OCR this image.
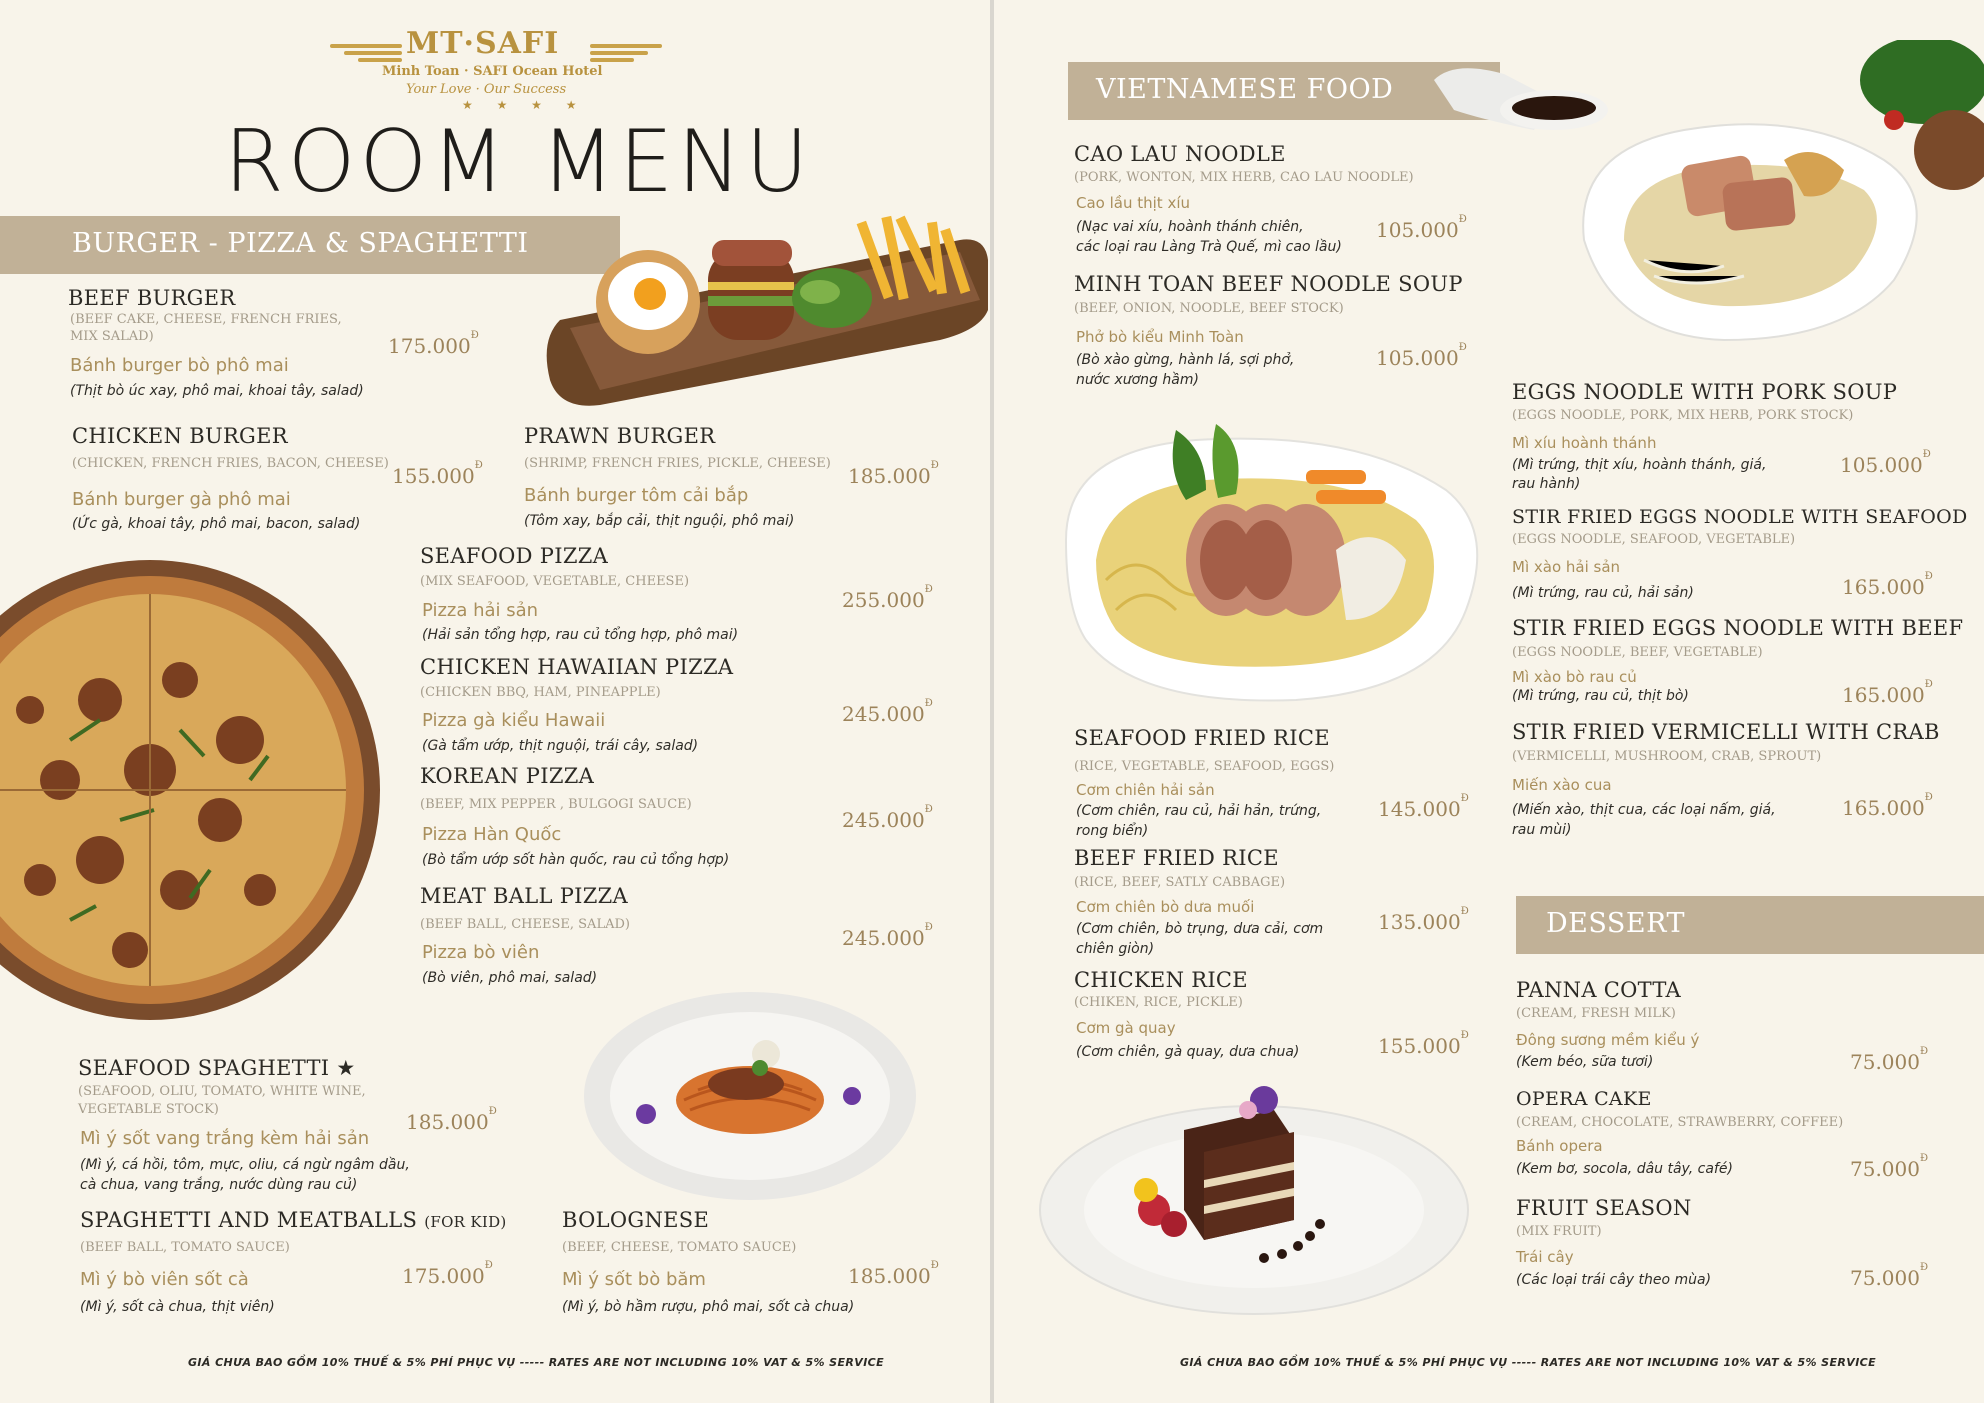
MT·SAFI
Minh Toan · SAFI Ocean Hotel
Your Love · Our Success
★ ★ ★ ★
ROOM MENU
BURGER - PIZZA & SPAGHETTI
BEEF BURGER
(BEEF CAKE, CHEESE, FRENCH FRIES,
MIX SALAD)
Bánh burger bò phô mai
(Thịt bò úc xay, phô mai, khoai tây, salad)
$175.000^Đ$
CHICKEN BURGER
(CHICKEN, FRENCH FRIES, BACON, CHEESE)
Bánh burger gà phô mai
(Ức gà, khoai tây, phô mai, bacon, salad)
$155.000^Đ$
PRAWN BURGER
(SHRIMP, FRENCH FRIES, PICKLE, CHEESE)
Bánh burger tôm cải bắp
(Tôm xay, bắp cải, thịt nguội, phô mai)
$185.000^Đ$
SEAFOOD PIZZA
(MIX SEAFOOD, VEGETABLE, CHEESE)
Pizza hải sản
(Hải sản tổng hợp, rau củ tổng hợp, phô mai)
$255.000^Đ$
CHICKEN HAWAIIAN PIZZA
(CHICKEN BBQ, HAM, PINEAPPLE)
Pizza gà kiểu Hawaii
(Gà tẩm ướp, thịt nguội, trái cây, salad)
$245.000^Đ$
KOREAN PIZZA
(BEEF, MIX PEPPER , BULGOGI SAUCE)
Pizza Hàn Quốc
(Bò tẩm ướp sốt hàn quốc, rau củ tổng hợp)
$245.000^Đ$
MEAT BALL PIZZA
(BEEF BALL, CHEESE, SALAD)
Pizza bò viên
(Bò viên, phô mai, salad)
$245.000^Đ$
SEAFOOD SPAGHETTI ★
(SEAFOOD, OLIU, TOMATO, WHITE WINE,
VEGETABLE STOCK)
Mì ý sốt vang trắng kèm hải sản
(Mì ý, cá hồi, tôm, mực, oliu, cá ngừ ngâm dầu,
cà chua, vang trắng, nước dùng rau củ)
$185.000^Đ$
SPAGHETTI AND MEATBALLS (FOR KID)
(BEEF BALL, TOMATO SAUCE)
Mì ý bò viên sốt cà
(Mì ý, sốt cà chua, thịt viên)
$175.000^Đ$
BOLOGNESE
(BEEF, CHEESE, TOMATO SAUCE)
Mì ý sốt bò băm
(Mì ý, bò hầm rượu, phô mai, sốt cà chua)
$185.000^Đ$
GIÁ CHƯA BAO GỒM 10% THUẾ & 5% PHÍ PHỤC VỤ ----- RATES ARE NOT INCLUDING 10% VAT & 5% SERVICE
VIETNAMESE FOOD
CAO LAU NOODLE
(PORK, WONTON, MIX HERB, CAO LAU NOODLE)
Cao lầu thịt xíu
(Nạc vai xíu, hoành thánh chiên,
các loại rau Làng Trà Quế, mì cao lầu)
$105.000^Đ$
MINH TOAN BEEF NOODLE SOUP
(BEEF, ONION, NOODLE, BEEF STOCK)
Phở bò kiểu Minh Toàn
(Bò xào gừng, hành lá, sợi phở,
nước xương hầm)
$105.000^Đ$
EGGS NOODLE WITH PORK SOUP
(EGGS NOODLE, PORK, MIX HERB, PORK STOCK)
Mì xíu hoành thánh
(Mì trứng, thịt xíu, hoành thánh, giá,
rau hành)
$105.000^Đ$
STIR FRIED EGGS NOODLE WITH SEAFOOD
(EGGS NOODLE, SEAFOOD, VEGETABLE)
Mì xào hải sản
(Mì trứng, rau củ, hải sản)	$165.000^Đ$
STIR FRIED EGGS NOODLE WITH BEEF
(EGGS NOODLE, BEEF, VEGETABLE)
Mì xào bò rau củ
(Mì trứng, rau củ, thịt bò)	$165.000^Đ$
STIR FRIED VERMICELLI WITH CRAB
(VERMICELLI, MUSHROOM, CRAB, SPROUT)
Miến xào cua
(Miến xào, thịt cua, các loại nấm, giá,
rau mùi)
$165.000^Đ$
SEAFOOD FRIED RICE
(RICE, VEGETABLE, SEAFOOD, EGGS)
Cơm chiên hải sản
(Cơm chiên, rau củ, hải hản, trứng,
rong biển)
$145.000^Đ$
BEEF FRIED RICE
(RICE, BEEF, SATLY CABBAGE)
Cơm chiên bò dưa muối
(Cơm chiên, bò trụng, dưa cải, cơm
chiên giòn)
$135.000^Đ$
CHICKEN RICE
(CHIKEN, RICE, PICKLE)
Cơm gà quay
(Cơm chiên, gà quay, dưa chua)	$155.000^Đ$
DESSERT
PANNA COTTA
(CREAM, FRESH MILK)
Đông sương mềm kiểu ý
(Kem béo, sữa tươi)	$75.000^Đ$
OPERA CAKE
(CREAM, CHOCOLATE, STRAWBERRY, COFFEE)
Bánh opera
(Kem bơ, socola, dâu tây, café)	$75.000^Đ$
FRUIT SEASON
(MIX FRUIT)
Trái cây
(Các loại trái cây theo mùa)	$75.000^Đ$
GIÁ CHƯA BAO GỒM 10% THUẾ & 5% PHÍ PHỤC VỤ ----- RATES ARE NOT INCLUDING 10% VAT & 5% SERVICE
